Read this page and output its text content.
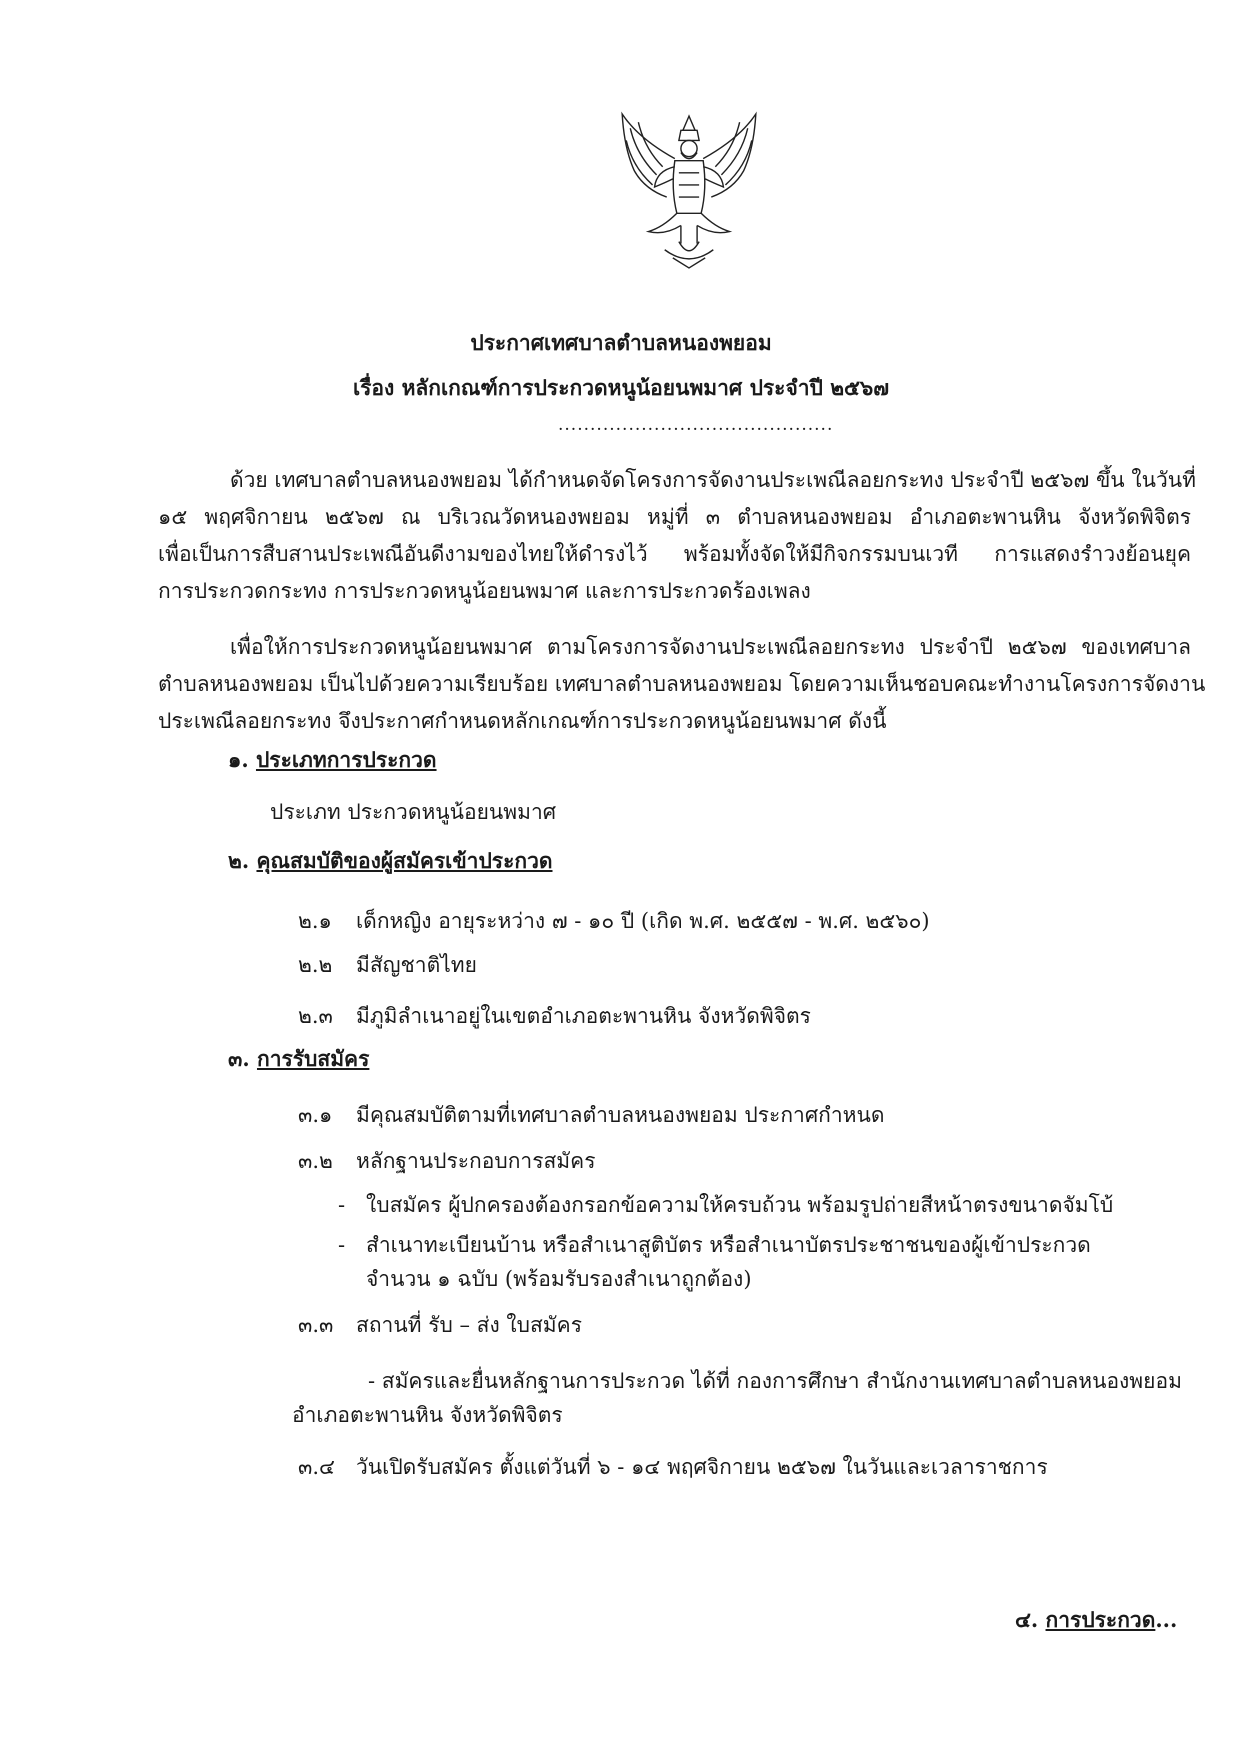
ประกาศเทศบาลตำบลหนองพยอม
เรื่อง หลักเกณฑ์การประกวดหนูน้อยนพมาศ ประจำปี ๒๕๖๗
...........................................
ด้วย เทศบาลตำบลหนองพยอม ได้กำหนดจัดโครงการจัดงานประเพณีลอยกระทง ประจำปี ๒๕๖๗ ขึ้น ในวันที่
๑๕ พฤศจิกายน ๒๕๖๗ ณ บริเวณวัดหนองพยอม หมู่ที่ ๓ ตำบลหนองพยอม อำเภอตะพานหิน จังหวัดพิจิตร
เพื่อเป็นการสืบสานประเพณีอันดีงามของไทยให้ดำรงไว้ พร้อมทั้งจัดให้มีกิจกรรมบนเวที การแสดงรำวงย้อนยุค
การประกวดกระทง การประกวดหนูน้อยนพมาศ และการประกวดร้องเพลง
เพื่อให้การประกวดหนูน้อยนพมาศ ตามโครงการจัดงานประเพณีลอยกระทง ประจำปี ๒๕๖๗ ของเทศบาล
ตำบลหนองพยอม เป็นไปด้วยความเรียบร้อย เทศบาลตำบลหนองพยอม โดยความเห็นชอบคณะทำงานโครงการจัดงาน
ประเพณีลอยกระทง จึงประกาศกำหนดหลักเกณฑ์การประกวดหนูน้อยนพมาศ ดังนี้
๑. ประเภทการประกวด
ประเภท ประกวดหนูน้อยนพมาศ
๒. คุณสมบัติของผู้สมัครเข้าประกวด
๒.๑ เด็กหญิง อายุระหว่าง ๗ - ๑๐ ปี (เกิด พ.ศ. ๒๕๕๗ - พ.ศ. ๒๕๖๐)
๒.๒ มีสัญชาติไทย
๒.๓ มีภูมิลำเนาอยู่ในเขตอำเภอตะพานหิน จังหวัดพิจิตร
๓. การรับสมัคร
๓.๑ มีคุณสมบัติตามที่เทศบาลตำบลหนองพยอม ประกาศกำหนด
๓.๒ หลักฐานประกอบการสมัคร
- ใบสมัคร ผู้ปกครองต้องกรอกข้อความให้ครบถ้วน พร้อมรูปถ่ายสีหน้าตรงขนาดจัมโบ้
- สำเนาทะเบียนบ้าน หรือสำเนาสูติบัตร หรือสำเนาบัตรประชาชนของผู้เข้าประกวด
จำนวน ๑ ฉบับ (พร้อมรับรองสำเนาถูกต้อง)
๓.๓ สถานที่ รับ – ส่ง ใบสมัคร
- สมัครและยื่นหลักฐานการประกวด ได้ที่ กองการศึกษา สำนักงานเทศบาลตำบลหนองพยอม
อำเภอตะพานหิน จังหวัดพิจิตร
๓.๔ วันเปิดรับสมัคร ตั้งแต่วันที่ ๖ - ๑๔ พฤศจิกายน ๒๕๖๗ ในวันและเวลาราชการ
๔. การประกวด...
